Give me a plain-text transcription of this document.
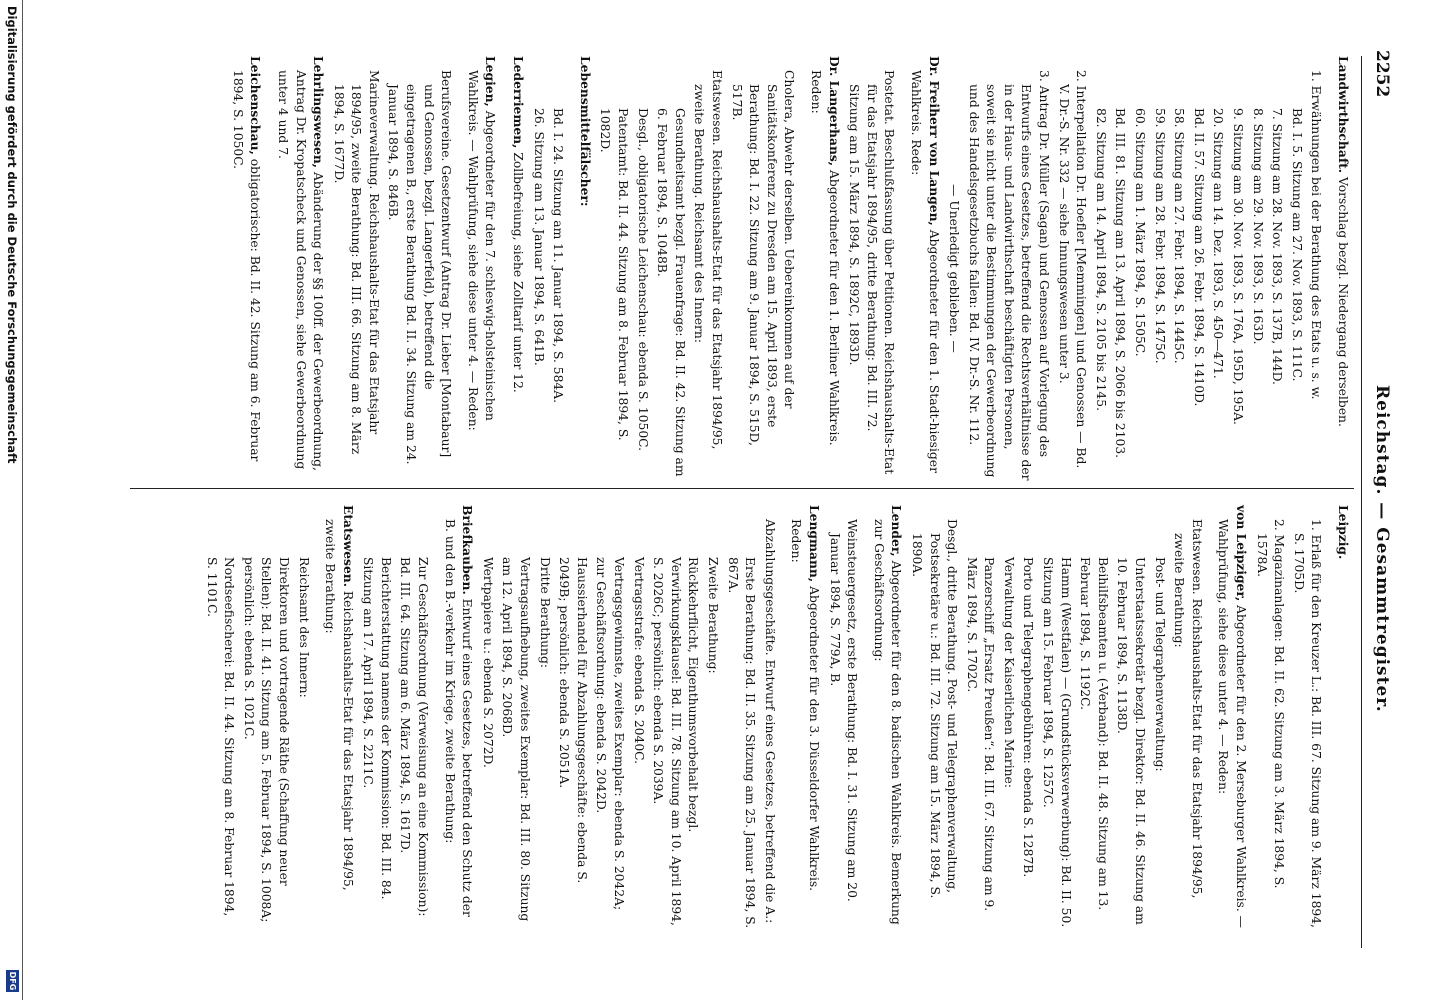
2252
Reichstag. — Gesammtregister.
Landwirthschaft. Vorschlag bezgl. Niedergang derselben.
1. Erwähnungen bei der Berathung des Etats u. s. w.
Bd. I. 5. Sitzung am 27. Nov. 1893, S. 111C.
7. Sitzung am 28. Nov. 1893, S. 137B, 144D.
8. Sitzung am 29. Nov. 1893, S. 163D.
9. Sitzung am 30. Nov. 1893, S. 176A, 195D, 195A.
20. Sitzung am 14. Dez. 1893, S. 450—471.
Bd. II. 57. Sitzung am 26. Febr. 1894, S. 1410D.
58. Sitzung am 27. Febr. 1894, S. 1445C.
59. Sitzung am 28. Febr. 1894, S. 1475C.
60. Sitzung am 1. März 1894, S. 1505C.
Bd. III. 81. Sitzung am 13. April 1894, S. 2066 bis 2103.
82. Sitzung am 14. April 1894, S. 2105 bis 2145.
2. Interpellation Dr. Hoefler [Memmingen] und Genossen — Bd. V. Dr.-S. Nr. 332 — siehe Innungswesen unter 3.
3. Antrag Dr. Müller (Sagan) und Genossen auf Vorlegung des Entwurfs eines Gesetzes, betreffend die Rechtsverhältnisse der in der Haus- und Landwirthschaft beschäftigten Personen, soweit sie nicht unter die Bestimmungen der Gewerbeordnung und des Handelsgesetzbuchs fallen: Bd. IV. Dr.-S. Nr. 112.
— Unerledigt geblieben. —
Dr. Freiherr von Langen, Abgeordneter für den 1. Stadt-hiesiger Wahlkreis. Rede:
Postetat. Beschlußfassung über Petitionen. Reichshaushalts-Etat für das Etatsjahr 1894/95, dritte Berathung: Bd. III. 72. Sitzung am 15. März 1894, S. 1892C, 1893D.
Dr. Langerhans, Abgeordneter für den 1. Berliner Wahlkreis. Reden:
Cholera, Abwehr derselben. Uebereinkommen auf der Sanitätskonferenz zu Dresden am 15. April 1893, erste Berathung: Bd. I. 22. Sitzung am 9. Januar 1894, S. 515D, 517B.
Etatswesen. Reichshaushalts-Etat für das Etatsjahr 1894/95, zweite Berathung. Reichsamt des Innern:
Gesundheitsamt bezgl. Frauenfrage: Bd. II. 42. Sitzung am 6. Februar 1894, S. 1048B.
Desgl., obligatorische Leichenschau: ebenda S. 1050C.
Patentamt: Bd. II. 44. Sitzung am 8. Februar 1894, S. 1082D.
Lebensmittelfälscher:
Bd. I. 24. Sitzung am 11. Januar 1894, S. 584A.
26. Sitzung am 13. Januar 1894, S. 641B.
Lederriemen, Zollbefreiung, siehe Zolltarif unter 12.
Legien, Abgeordneter für den 7. schleswig-holsteinischen Wahlkreis. — Wahlprüfung, siehe diese unter 4. — Reden:
Berufsvereine. Gesetzentwurf (Antrag Dr. Lieber [Montabaur] und Genossen, bezgl. Langerfeld), betreffend die eingetragenen B., erste Berathung Bd. II. 34. Sitzung am 24. Januar 1894, S. 846B.
Marineverwaltung. Reichshaushalts-Etat für das Etatsjahr 1894/95, zweite Berathung: Bd. III. 66. Sitzung am 8. März 1894, S. 1677D.
Lehrlingswesen, Abänderung der §§ 100ff. der Gewerbeordnung, Antrag Dr. Kropatscheck und Genossen, siehe Gewerbeordnung unter 4 und 7.
Leichenschau, obligatorische: Bd. II. 42. Sitzung am 6. Februar 1894, S. 1050C.
Leipzig.
1. Erlaß für den Kreuzer L.: Bd. III. 67. Sitzung am 9. März 1894, S. 1705D.
2. Magazinanlagen: Bd. II. 62. Sitzung am 3. März 1894, S. 1578A.
von Leipziger, Abgeordneter für den 2. Merseburger Wahlkreis. — Wahlprüfung, siehe diese unter 4. — Reden:
Etatswesen. Reichshaushalts-Etat für das Etatsjahr 1894/95, zweite Berathung:
Post- und Telegraphenverwaltung:
Unterstaatssekretär bezgl. Direktor: Bd. II. 46. Sitzung am 10. Februar 1894, S. 1138D.
Beihilfsbeamten u. (-Verband): Bd. II. 48. Sitzung am 13. Februar 1894, S. 1192C.
Hamm (Westfalen) — (Grundstücksverwerbung): Bd. II. 50. Sitzung am 15. Februar 1894, S. 1257C.
Porto und Telegraphengebühren: ebenda S. 1287B.
Verwaltung der Kaiserlichen Marine:
Panzerschiff „Ersatz Preußen“: Bd. III. 67. Sitzung am 9. März 1894, S. 1702C.
Desgl., dritte Berathung. Post- und Telegraphenverwaltung, Postsekretäre u.: Bd. III. 72. Sitzung am 15. März 1894, S. 1890A.
Lender, Abgeordneter für den 8. badischen Wahlkreis. Bemerkung zur Geschäftsordnung:
Weinsteuergesetz, erste Berathung: Bd. I. 31. Sitzung am 20. Januar 1894, S. 779A, B.
Lengmann, Abgeordneter für den 3. Düsseldorfer Wahlkreis. Reden:
Abzahlungsgeschäfte. Entwurf eines Gesetzes, betreffend die A.:
Erste Berathung: Bd. II. 35. Sitzung am 25. Januar 1894, S. 867A.
Zweite Berathung:
Rückkehrflicht, Eigenthumsvorbehalt bezgl. Verwirkungsklausel: Bd. III. 78. Sitzung am 10. April 1894, S. 2026C; persönlich: ebenda S. 2039A.
Vertragsstrafe: ebenda S. 2040C.
Vertragsgewinnste, zweites Exemplar: ebenda S. 2042A; zur Geschäftsordnung: ebenda S. 2042D.
Haussierhandel für Abzahlungsgeschäfte: ebenda S. 2049B; persönlich: ebenda S. 2051A.
Dritte Berathung:
Vertragsaufhebung, zweites Exemplar: Bd. III. 80. Sitzung am 12. April 1894, S. 2068D.
Wertpapiere u.: ebenda S. 2072D.
Briefkauben. Entwurf eines Gesetzes, betreffend den Schutz der B. und den B.-verkehr im Kriege, zweite Berathung:
Zur Geschäftsordnung (Verweisung an eine Kommission): Bd. III. 64. Sitzung am 6. März 1894, S. 1617D.
Berichterstattung namens der Kommission: Bd. III. 84. Sitzung am 17. April 1894, S. 2211C.
Etatswesen. Reichshaushalts-Etat für das Etatsjahr 1894/95, zweite Berathung:
Reichsamt des Innern:
Direktoren und vortragende Räthe (Schaffung neuer Stellen): Bd. II. 41. Sitzung am 5. Februar 1894, S. 1008A; persönlich: ebenda S. 1021C.
Nordseefischerei: Bd. II. 44. Sitzung am 8. Februar 1894, S. 1101C.
Digitalisierung gefördert durch die Deutsche Forschungsgemeinschaft
DFG
